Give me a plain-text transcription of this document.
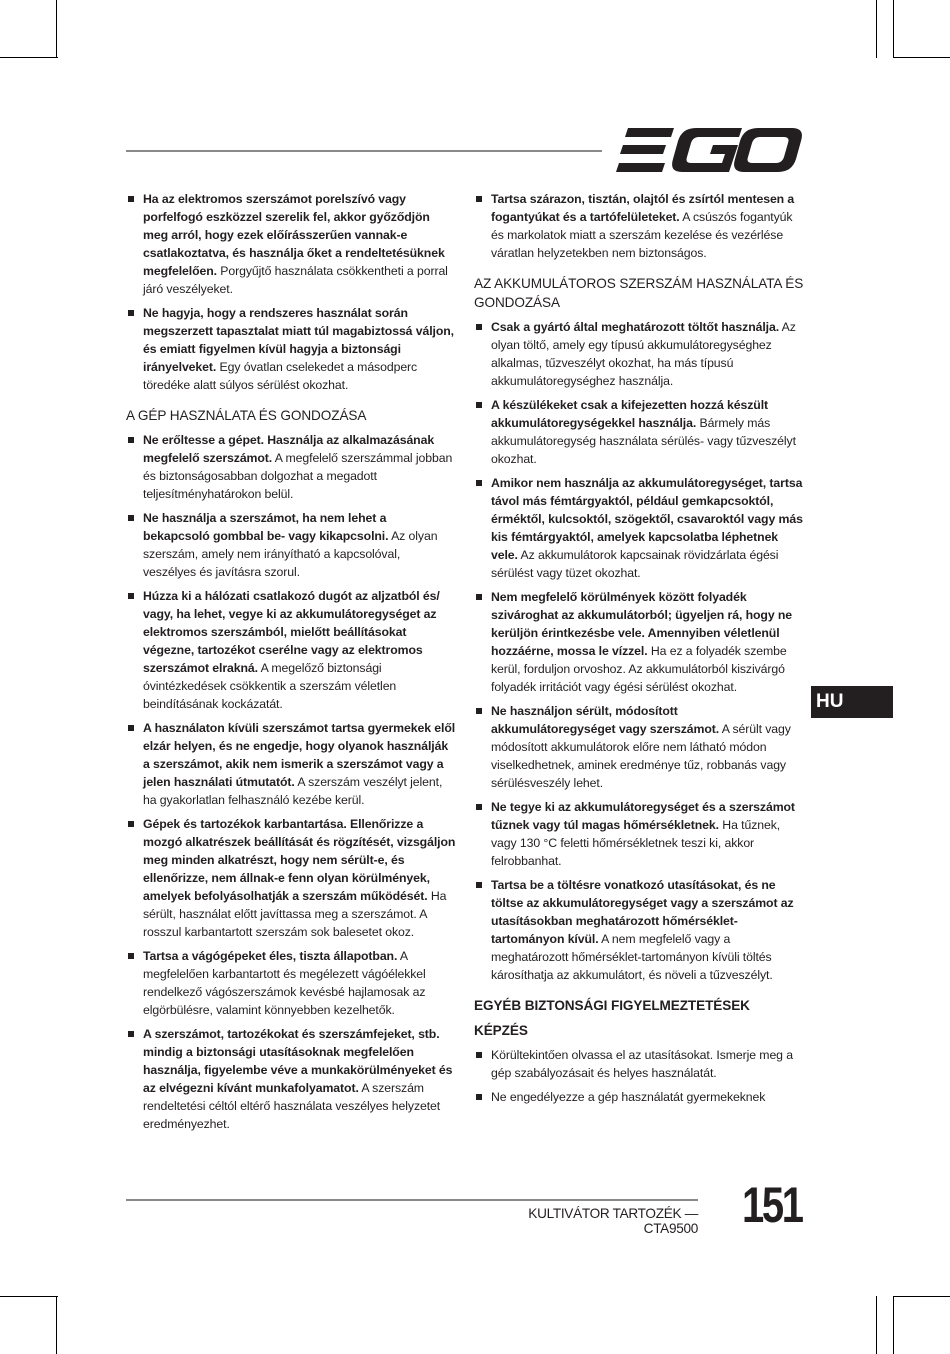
Ha az elektromos szerszámot porelszívó vagy porfelfogó eszközzel szerelik fel, akkor győződjön meg arról, hogy ezek előírásszerűen vannak-e csatlakoztatva, és használja őket a rendeltetésüknek megfelelően. Porgyűjtő használata csökkentheti a porral járó veszélyeket.
Ne hagyja, hogy a rendszeres használat során megszerzett tapasztalat miatt túl magabiztossá váljon, és emiatt figyelmen kívül hagyja a biztonsági irányelveket. Egy óvatlan cselekedet a másodperc töredéke alatt súlyos sérülést okozhat.
A GÉP HASZNÁLATA ÉS GONDOZÁSA
Ne erőltesse a gépet. Használja az alkalmazásának megfelelő szerszámot. A megfelelő szerszámmal jobban és biztonságosabban dolgozhat a megadott teljesítményhatárokon belül.
Ne használja a szerszámot, ha nem lehet a bekapcsoló gombbal be- vagy kikapcsolni. Az olyan szerszám, amely nem irányítható a kapcsolóval, veszélyes és javításra szorul.
Húzza ki a hálózati csatlakozó dugót az aljzatból és/ vagy, ha lehet, vegye ki az akkumulátoregységet az elektromos szerszámból, mielőtt beállításokat végezne, tartozékot cserélne vagy az elektromos szerszámot elrakná. A megelőző biztonsági óvintézkedések csökkentik a szerszám véletlen beindításának kockázatát.
A használaton kívüli szerszámot tartsa gyermekek elől elzár helyen, és ne engedje, hogy olyanok használják a szerszámot, akik nem ismerik a szerszámot vagy a jelen használati útmutatót. A szerszám veszélyt jelent, ha gyakorlatlan felhasználó kezébe kerül.
Gépek és tartozékok karbantartása. Ellenőrizze a mozgó alkatrészek beállítását és rögzítését, vizsgáljon meg minden alkatrészt, hogy nem sérült-e, és ellenőrizze, nem állnak-e fenn olyan körülmények, amelyek befolyásolhatják a szerszám működését. Ha sérült, használat előtt javíttassa meg a szerszámot. A rosszul karbantartott szerszám sok balesetet okoz.
Tartsa a vágógépeket éles, tiszta állapotban. A megfelelően karbantartott és megélezett vágóélekkel rendelkező vágószerszámok kevésbé hajlamosak az elgörbülésre, valamint könnyebben kezelhetők.
A szerszámot, tartozékokat és szerszámfejeket, stb. mindig a biztonsági utasításoknak megfelelően használja, figyelembe véve a munkakörülményeket és az elvégezni kívánt munkafolyamatot. A szerszám rendeltetési céltól eltérő használata veszélyes helyzetet eredményezhet.
Tartsa szárazon, tisztán, olajtól és zsírtól mentesen a fogantyúkat és a tartófelületeket. A csúszós fogantyúk és markolatok miatt a szerszám kezelése és vezérlése váratlan helyzetekben nem biztonságos.
AZ AKKUMULÁTOROS SZERSZÁM HASZNÁLATA ÉS GONDOZÁSA
Csak a gyártó által meghatározott töltőt használja. Az olyan töltő, amely egy típusú akkumulátoregységhez alkalmas, tűzveszélyt okozhat, ha más típusú akkumulátoregységhez használja.
A készülékeket csak a kifejezetten hozzá készült akkumulátoregységekkel használja. Bármely más akkumulátoregység használata sérülés- vagy tűzveszélyt okozhat.
Amikor nem használja az akkumulátoregységet, tartsa távol más fémtárgyaktól, például gemkapcsoktól, érméktől, kulcsoktól, szögektől, csavaroktól vagy más kis fémtárgyaktól, amelyek kapcsolatba léphetnek vele. Az akkumulátorok kapcsainak rövidzárlata égési sérülést vagy tüzet okozhat.
Nem megfelelő körülmények között folyadék szivároghat az akkumulátorból; ügyeljen rá, hogy ne kerüljön érintkezésbe vele. Amennyiben véletlenül hozzáérne, mossa le vízzel. Ha ez a folyadék szembe kerül, forduljon orvoshoz. Az akkumulátorból kiszivárgó folyadék irritációt vagy égési sérülést okozhat.
Ne használjon sérült, módosított akkumulátoregységet vagy szerszámot. A sérült vagy módosított akkumulátorok előre nem látható módon viselkedhetnek, aminek eredménye tűz, robbanás vagy sérülésveszély lehet.
Ne tegye ki az akkumulátoregységet és a szerszámot tűznek vagy túl magas hőmérsékletnek. Ha tűznek, vagy 130 °C feletti hőmérsékletnek teszi ki, akkor felrobbanhat.
Tartsa be a töltésre vonatkozó utasításokat, és ne töltse az akkumulátoregységet vagy a szerszámot az utasításokban meghatározott hőmérséklet-tartományon kívül. A nem megfelelő vagy a meghatározott hőmérséklet-tartományon kívüli töltés károsíthatja az akkumulátort, és növeli a tűzveszélyt.
EGYÉB BIZTONSÁGI FIGYELMEZTETÉSEK
KÉPZÉS
Körültekintően olvassa el az utasításokat. Ismerje meg a gép szabályozásait és helyes használatát.
Ne engedélyezze a gép használatát gyermekeknek
HU
KULTIVÁTOR TARTOZÉK — CTA9500 151
